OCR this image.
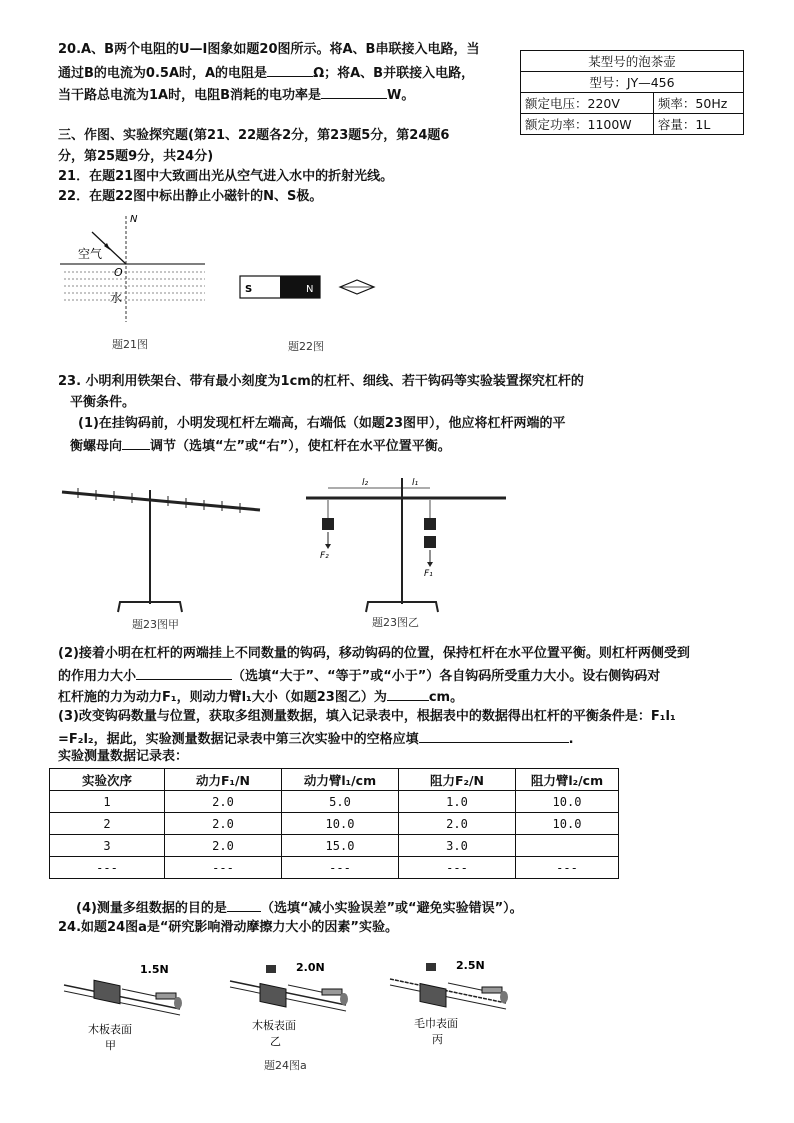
20.A、B两个电阻的U—I图象如题20图所示。将A、B串联接入电路，当
通过B的电流为0.5A时，A的电阻是	Ω；将A、B并联接入电路，
当干路总电流为1A时，电阻B消耗的电功率是	W。
某型号的泡茶壶	
型号：JY—456	
额定电压：220V	频率：50Hz
额定功率：1100W	容量：1L
三、作图、实验探究题(第21、22题各2分，第23题5分，第24题6
分，第25题9分，共24分)
21．在题21图中大致画出光从空气进入水中的折射光线。
22．在题22图中标出静止小磁针的N、S极。
N
空气
O
水
题21图
S	N
题22图
23. 小明利用铁架台、带有最小刻度为1cm的杠杆、细线、若干钩码等实验装置探究杠杆的
平衡条件。
(1)在挂钩码前，小明发现杠杆左端高，右端低（如题23图甲），他应将杠杆两端的平
衡螺母向 调节（选填“左”或“右”），使杠杆在水平位置平衡。
题23图甲
l₂	l₁
F₂
F₁
题23图乙
(2)接着小明在杠杆的两端挂上不同数量的钩码，移动钩码的位置，保持杠杆在水平位置平衡。则杠杆两侧受到
的作用力大小	（选填“大于”、“等于”或“小于”）各自钩码所受重力大小。设右侧钩码对
杠杆施的力为动力F₁，则动力臂l₁大小（如题23图乙）为	cm。
(3)改变钩码数量与位置，获取多组测量数据，填入记录表中，根据表中的数据得出杠杆的平衡条件是：F₁l₁
=F₂l₂，据此，实验测量数据记录表中第三次实验中的空格应填	.
实验测量数据记录表：
实验次序	动力F₁/N	动力臂l₁/cm	阻力F₂/N	阻力臂l₂/cm
1	2.0	5.0	1.0	10.0
2	2.0	10.0	2.0	10.0
3	2.0	15.0	3.0	
---	---	---	---	---
(4)测量多组数据的目的是	（选填“减小实验误差”或“避免实验错误”）。
24.如题24图a是“研究影响滑动摩擦力大小的因素”实验。
1.5N
木板表面
甲
2.0N
木板表面
乙
2.5N
毛巾表面
丙
题24图a
